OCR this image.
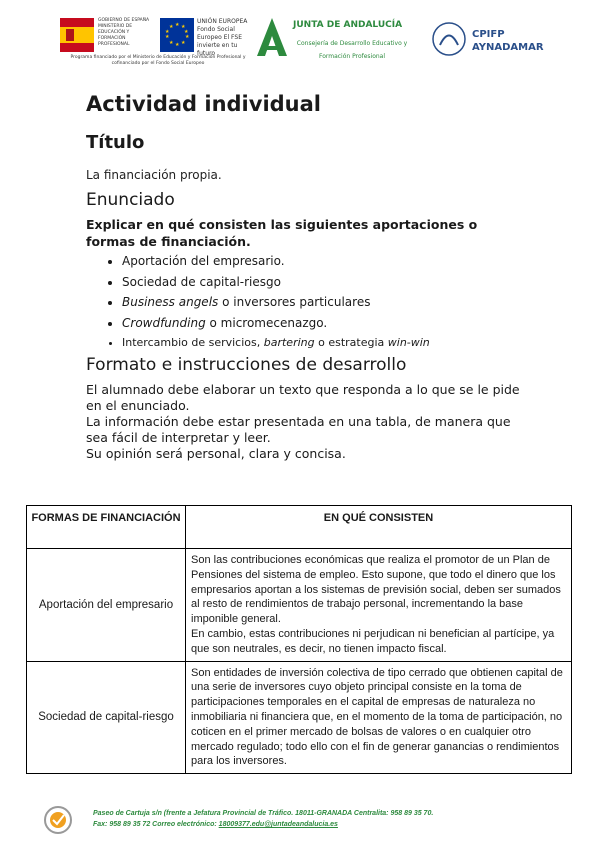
GOBIERNO DE ESPAÑA MINISTERIO DE EDUCACIÓN Y FORMACIÓN PROFESIONAL
★ ★
★
★
★
★
★
★
★
★
UNIÓN EUROPEA Fondo Social Europeo El FSE invierte en tu futuro
Programa financiado por el Ministerio de Educación y Formación Profesional y cofinanciado por el Fondo Social Europeo
JUNTA DE ANDALUCÍA
Consejería de Desarrollo Educativo y Formación Profesional
CPIFP
AYNADAMAR
Actividad individual
Título
La financiación propia.
Enunciado
Explicar en qué consisten las siguientes aportaciones o formas de financiación.
• Aportación del empresario.
• Sociedad de capital-riesgo
• Business angels o inversores particulares
• Crowdfunding o micromecenazgo.
• Intercambio de servicios, bartering o estrategia win-win
Formato e instrucciones de desarrollo
El alumnado debe elaborar un texto que responda a lo que se le pide en el enunciado.
La información debe estar presentada en una tabla, de manera que sea fácil de interpretar y leer.
Su opinión será personal, clara y concisa.
FORMAS DE FINANCIACIÓN	EN QUÉ CONSISTEN
Aportación del empresario	Son las contribuciones económicas que realiza el promotor de un Plan de Pensiones del sistema de empleo. Esto supone, que todo el dinero que los empresarios aportan a los sistemas de previsión social, deben ser sumados al resto de rendimientos de trabajo personal, incrementando la base imponible general.
En cambio, estas contribuciones ni perjudican ni benefician al partícipe, ya que son neutrales, es decir, no tienen impacto fiscal.

Sociedad de capital-riesgo	Son entidades de inversión colectiva de tipo cerrado que obtienen capital de una serie de inversores cuyo objeto principal consiste en la toma de participaciones temporales en el capital de empresas de naturaleza no inmobiliaria ni financiera que, en el momento de la toma de participación, no coticen en el primer mercado de bolsas de valores o en cualquier otro mercado regulado; todo ello con el fin de generar ganancias o rendimientos para los inversores.
Paseo de Cartuja s/n (frente a Jefatura Provincial de Tráfico. 18011-GRANADA Centralita: 958 89 35 70.
Fax: 958 89 35 72 Correo electrónico: 18009377.edu@juntadeandalucia.es
